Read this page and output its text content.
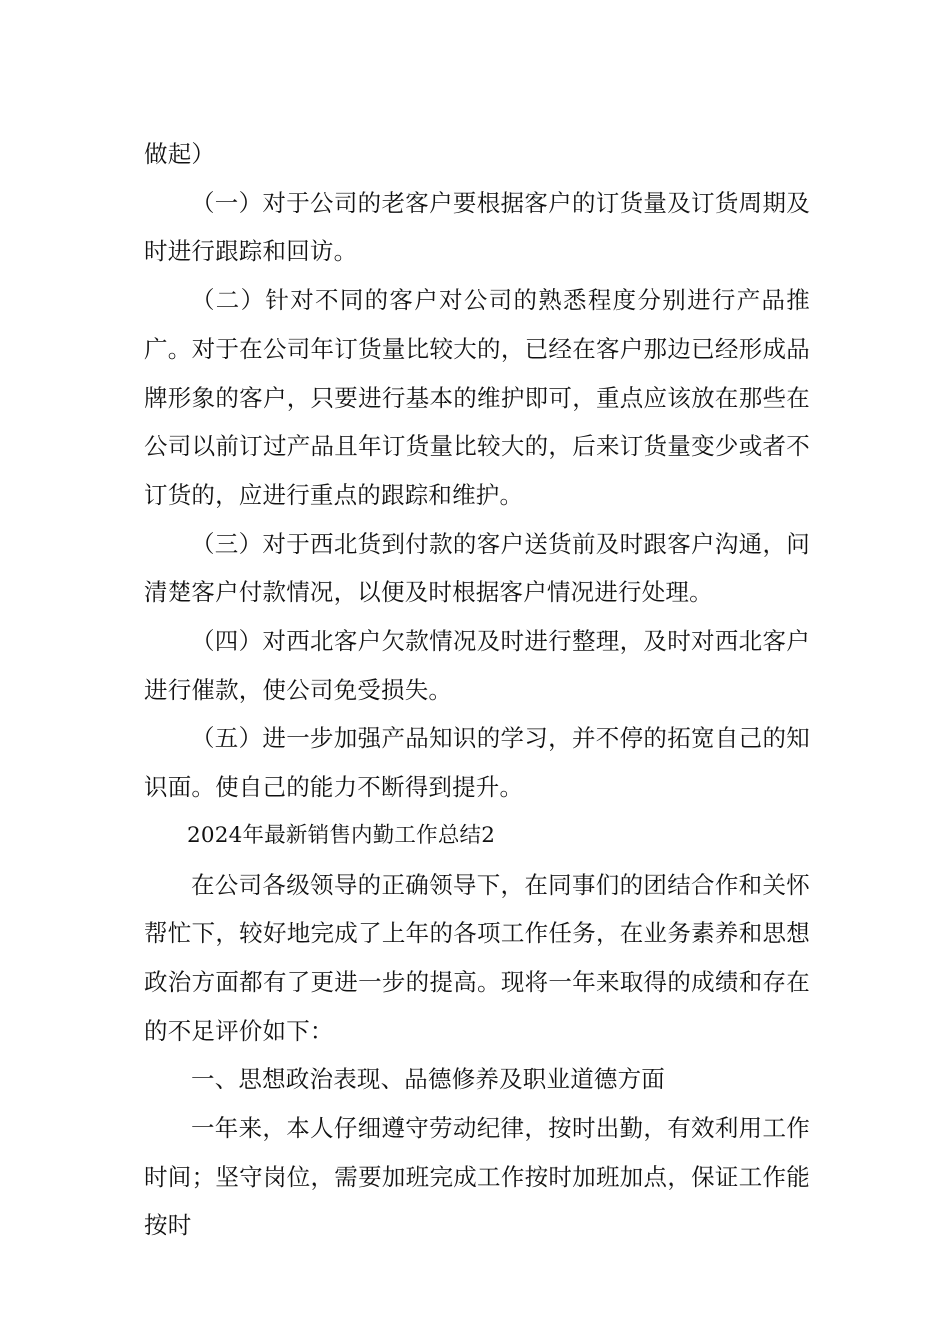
做起）

（一）对于公司的老客户要根据客户的订货量及订货周期及时进行跟踪和回访。

（二）针对不同的客户对公司的熟悉程度分别进行产品推广。对于在公司年订货量比较大的，已经在客户那边已经形成品牌形象的客户，只要进行基本的维护即可，重点应该放在那些在公司以前订过产品且年订货量比较大的，后来订货量变少或者不订货的，应进行重点的跟踪和维护。

（三）对于西北货到付款的客户送货前及时跟客户沟通，问清楚客户付款情况，以便及时根据客户情况进行处理。

（四）对西北客户欠款情况及时进行整理，及时对西北客户进行催款，使公司免受损失。

（五）进一步加强产品知识的学习，并不停的拓宽自己的知识面。使自己的能力不断得到提升。

2024年最新销售内勤工作总结2

在公司各级领导的正确领导下，在同事们的团结合作和关怀帮忙下，较好地完成了上年的各项工作任务，在业务素养和思想政治方面都有了更进一步的提高。现将一年来取得的成绩和存在的不足评价如下：

一、思想政治表现、品德修养及职业道德方面

一年来，本人仔细遵守劳动纪律，按时出勤，有效利用工作时间；坚守岗位，需要加班完成工作按时加班加点，保证工作能按时
